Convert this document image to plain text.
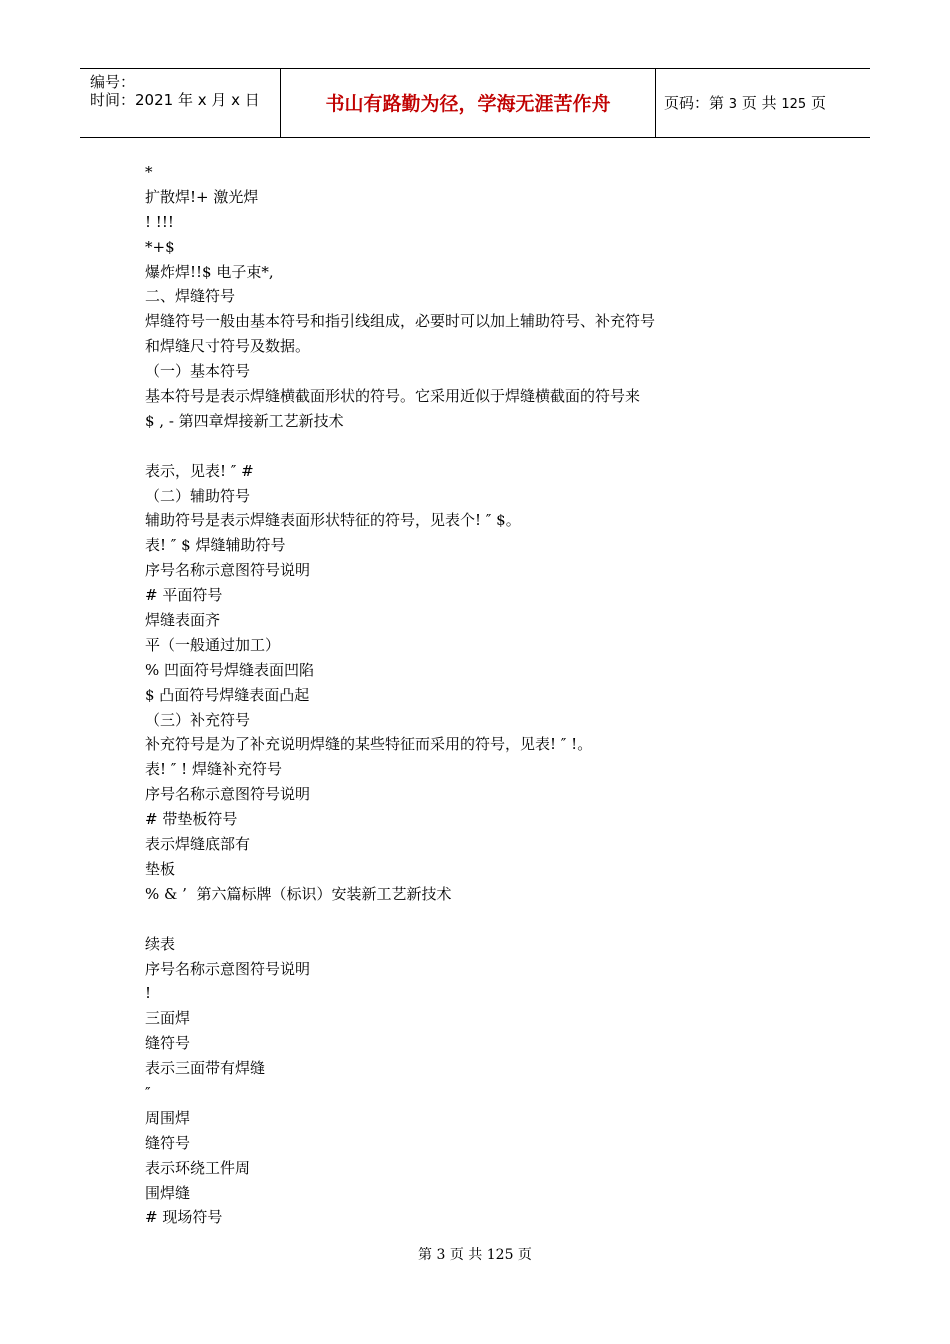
编号：
时间：2021 年 x 月 x 日	书山有路勤为径，学海无涯苦作舟	页码：第 3 页 共 125 页
*
扩散焊!+ 激光焊
! !!!
*+$
爆炸焊!!$ 电子束*,
二、焊缝符号
焊缝符号一般由基本符号和指引线组成，必要时可以加上辅助符号、补充符号
和焊缝尺寸符号及数据。
（一）基本符号
基本符号是表示焊缝横截面形状的符号。它采用近似于焊缝横截面的符号来
$ , - 第四章焊接新工艺新技术
表示，见表! ″ #
（二）辅助符号
辅助符号是表示焊缝表面形状特征的符号，见表个! ″ $。
表! ″ $ 焊缝辅助符号
序号名称示意图符号说明
# 平面符号
焊缝表面齐
平（一般通过加工）
% 凹面符号焊缝表面凹陷
$ 凸面符号焊缝表面凸起
（三）补充符号
补充符号是为了补充说明焊缝的某些特征而采用的符号，见表! ″ !。
表! ″ ! 焊缝补充符号
序号名称示意图符号说明
# 带垫板符号
表示焊缝底部有
垫板
% & ’  第六篇标牌（标识）安装新工艺新技术
续表
序号名称示意图符号说明
!
三面焊
缝符号
表示三面带有焊缝
″
周围焊
缝符号
表示环绕工件周
围焊缝
# 现场符号
第 3 页 共 125 页
